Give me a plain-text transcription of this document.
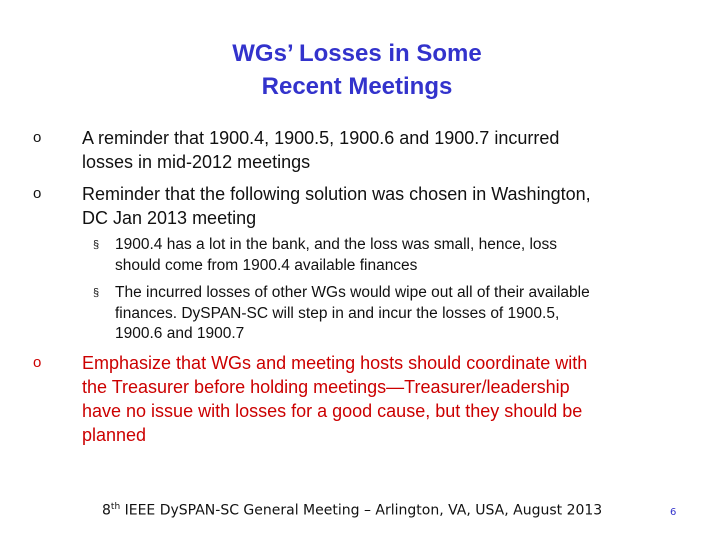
WGs’ Losses in Some
Recent Meetings
o A reminder that 1900.4, 1900.5, 1900.6 and 1900.7 incurred
losses in mid-2012 meetings
o Reminder that the following solution was chosen in Washington,
DC Jan 2013 meeting
§ 1900.4 has a lot in the bank, and the loss was small, hence, loss
should come from 1900.4 available finances
§ The incurred losses of other WGs would wipe out all of their available
finances. DySPAN-SC will step in and incur the losses of 1900.5,
1900.6 and 1900.7
o Emphasize that WGs and meeting hosts should coordinate with
the Treasurer before holding meetings—Treasurer/leadership
have no issue with losses for a good cause, but they should be
planned
8th IEEE DySPAN-SC General Meeting – Arlington, VA, USA, August 2013	6
